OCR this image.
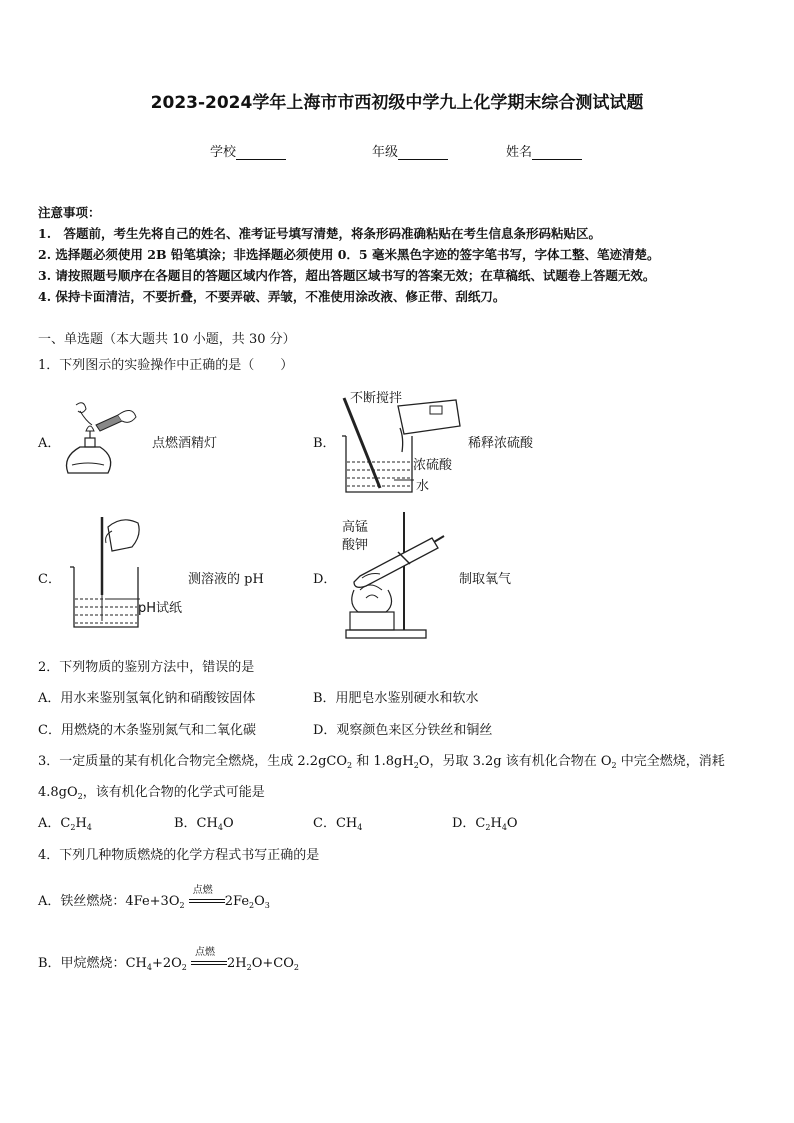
2023-2024学年上海市市西初级中学九上化学期末综合测试试题
学校	年级	姓名
注意事项：
1.　答题前，考生先将自己的姓名、准考证号填写清楚，将条形码准确粘贴在考生信息条形码粘贴区。
2. 选择题必须使用 2B 铅笔填涂；非选择题必须使用 0．5 毫米黑色字迹的签字笔书写，字体工整、笔迹清楚。
3. 请按照题号顺序在各题目的答题区域内作答，超出答题区域书写的答案无效；在草稿纸、试题卷上答题无效。
4. 保持卡面清洁，不要折叠，不要弄破、弄皱，不准使用涂改液、修正带、刮纸刀。
一、单选题（本大题共 10 小题，共 30 分）
1．下列图示的实验操作中正确的是（　　）
A．	点燃酒精灯	B．
不断搅拌
稀释浓硫酸
浓硫酸
水
C．	测溶液的 pH
pH试纸
D．
高锰
酸钾
制取氧气
2．下列物质的鉴别方法中，错误的是
A．用水来鉴别氢氧化钠和硝酸铵固体	B．用肥皂水鉴别硬水和软水
C．用燃烧的木条鉴别氮气和二氧化碳	D．观察颜色来区分铁丝和铜丝
3．一定质量的某有机化合物完全燃烧，生成 2.2gCO$_2$ 和 $1.8gH_2O$，另取 3.2g 该有机化合物在 $O_2$ 中完全燃烧，消耗
$4.8gO_2$，该有机化合物的化学式可能是
A．$C_2H_4$	B．$CH_4O$	C．$CH_4$	D．$C_2H_4O$
4．下列几种物质燃烧的化学方程式书写正确的是
A．铁丝燃烧：$4Fe+3O_2$
点燃
$2Fe_2O_3$
B．甲烷燃烧：$CH_4+2O_2$
点燃
$2H_2O+CO_2$
